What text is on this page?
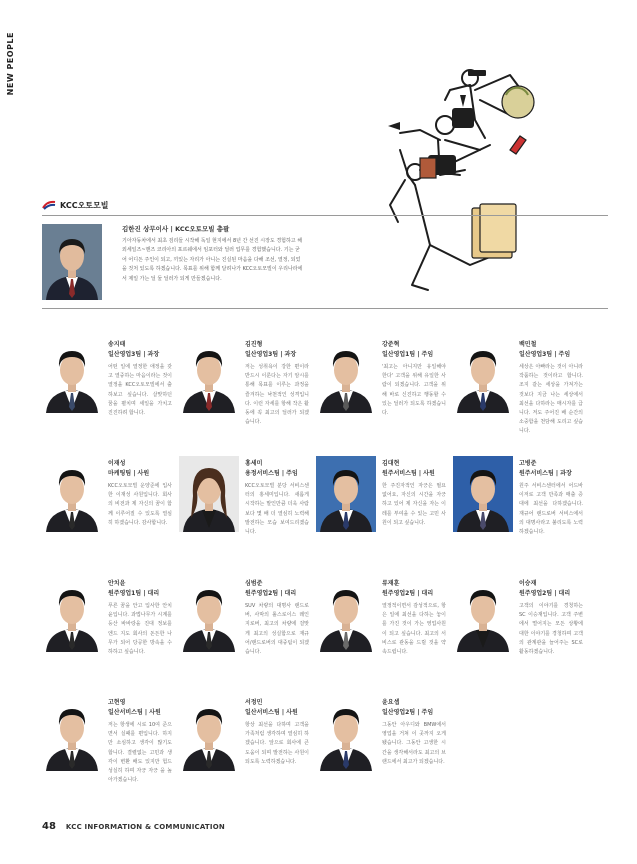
NEW PEOPLE
KCC오토모빌
김한진 상무이사 | KCC오토모빌 총괄
기아자동차에서 최초 검리들 시작해 독일 현지에서 8년 간 선진 시장도 경험하고 해외세일즈~핸즈 코리아의 포르쉐에서 임포터와 딜러 업무를 경험했습니다. 기는 굳어 어디든 주인이 되고, 끼있는 자리가 아니는 진실된 마음을 다해 조선, 열정, 되었을 것처 있도록 하겠습니다. 목표를 위해 함께 달려나가 KCC오토모빌이 우리나라에서 제일 가는 딜 둘 딜러가 되게 만들겠습니다.
송지태
일산영업3팀 | 과장
어떤 일에 열정한 애정을 갖고 열중하는 마음이라는 것이 열정을 KCC오토모빌에서 출하보고 싶습니다. 살맞하던 꿈을 펼치며 세일을 가치고 진진하려 합니다.
김진형
일산영업3팀 | 과장
저는 성취욕이 강한 편이라 반드시 이룬다는 자기 암시를 통해 목표를 이루는 과정을 즐겨하는 낙천적인 성격입니다. 이런 자세를 항해 작은 활동에 꼭 최고의 딜러가 되겠습니다.
강준혁
일산영업1팀 | 주임
'최고는 아니지만 유일해야 한다' 고객을 위해 유일한 사람이 되겠습니다. 고객을 위해 바로 신진하고 행동할 수 있는 딜러가 되도록 하겠습니다.
백민철
일산영업3팀 | 주임
세상은 아빠라는 것이 아니라 작품하는 것이라고 합니다. 조지 같는 세상을 가져가는 것보다 지금 나는 세상에서 최선을 다하라는 매시자를 급니다. 저도 주어진 배 순간의 소중함을 천담해 도리고 싶습니다.
이재성
마케팅팀 | 사원
KCC오토모빌 운양준에 입사한 이재성 사원입니다. 회사의 비전과 제 자신의 꿈이 함께 이루어질 수 있도록 열심히 하겠습니다. 감사합니다.
홍세미
용정서비스팀 | 주임
KCC오토모빌 분당 서비스센터의 홍세미입니다. 새롭게 시작하는 말인만큼 더욱 사람보다 몇 배 더 열심히 노력해 발전하는 모습 보여드리겠습니다.
김대현
원주서비스팀 | 사원
한 주진자적인 자긍은 필요 없어요, 자신의 시간을 자긍하고 있어 제 자신을 자는 이레를 부여을 수 있는 고민 사원이 되고 싶습니다.
고병준
원주서비스팀 | 과장
원주 서비스센터에서 어드바이저로 고객 만족과 매출 증대에 최선을 다하겠습니다. 재규어 랜드로버 서비스에서의 대명사라고 불리도록 노력하겠습니다.
안치윤
원주영업1팀 | 대리
푸른 꿈을 안고 입사한 안치윤입니다. 과법나무가 시계를 등산 바바랑을 진대 정보를 엔드 지도 회사의 돈든한 나무가 되어 당공한 방속을 수하하고 싶습니다.
심범준
원주영업2팀 | 대리
SUV 차량의 대명사 랜드로버, 사막의 롤스로이스 레인지로버, 최고의 차량에 걸맞게 최고의 성실함으로 재규어/랜드로버의 대중팀이 되겠습니다.
류재훈
원주영업2팀 | 대리
열정적이면서 감성적으로, 항은 일에 최선을 다하는 놓이를 가진 것이 가는 영업사원이 되고 싶습니다. 최고의 서비스로 관동을 드릴 것을 약속드립니다.
이승재
원주영업2팀 | 대리
고객의 이야기를 경청하는 SC 이승재입니다. 고객 주변에서 떨어지는 모든 상황에 대한 이야기를 경청하며 고객의 관계관을 늘어주는 SC로 활동하겠습니다.
고현영
일산서비스팀 | 사원
저는 항생에 시로 10여 준으면서 실패를 편입니다. 하지만 소심하고 생각이 많기도 합니다. 결렬없는 고민과 생각이 변환 배도 있지만 험드 성실히 하며 자긍 자긍 을 높아가겠습니다.
서정민
일산서비스팀 | 사원
항상 최선을 다하며 고객을 가족처럼 생각하며 열심히 하겠습니다. 앞으로 회사에 큰 도움이 되며 발전하는 사원이 되도록 노력하겠습니다.
윤요셉
일산영업2팀 | 주임
그동안 아우디와 BMW에서 영업을 거쳐 이 곳까지 오게 됐습니다. 그동안 고생한 시간을 생각해서라도 최고의 브랜드에서 최고가 되겠습니다.
48 KCC INFORMATION & COMMUNICATION
